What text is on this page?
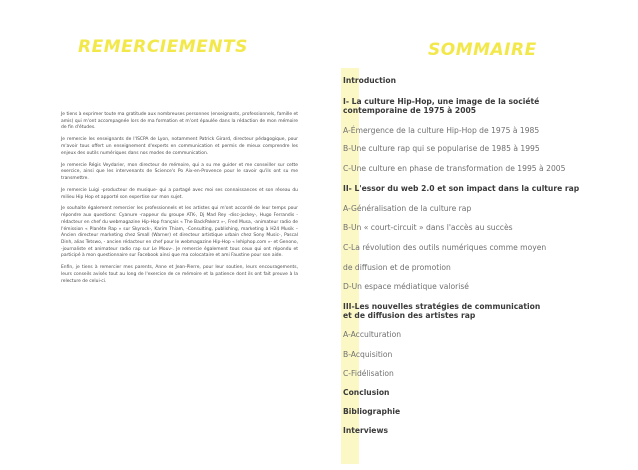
REMERCIEMENTS

Je tiens à exprimer toute ma gratitude aux nombreuses personnes (enseignants, professionnels, famille et amis) qui m'ont accompagnée lors de ma formation et m'ont épaulée dans la rédaction de mon mémoire de fin d'études.

Je remercie les enseignants de l'ISCPA de Lyon, notamment Patrick Girard, directeur pédagogique, pour m'avoir tous offert un enseignement d'experts en communication et permis de mieux comprendre les enjeux des outils numériques dans nos modes de communication.

Je remercie Régis Veydarier, mon directeur de mémoire, qui a su me guider et me conseiller sur cette exercice, ainsi que les intervenants de Science's Po Aix-en-Provence pour le savoir qu'ils ont su me transmettre.

Je remercie Luigi -producteur de musique- qui a partagé avec moi ses connaissances et son réseau du milieu Hip Hop et apporté son expertise sur mon sujet.

Je souhaite également remercier les professionnels et les artistes qui m'ont accordé de leur temps pour répondre aux questions: Cyanure -rappeur du groupe ATK-, Dj Mad Rey -disc-jockey-, Hugo Ferrandis -rédacteur en chef du webmagazine Hip-Hop français « The BackPakerz »-, Fred Musa, -animateur radio de l'émission « Planète Rap » sur Skyrock-, Karim Thiam, -Consulting, publishing, marketing à H24 Musik – Ancien directeur marketing chez Small (Warner) et directeur artistique urbain chez Sony Music-, Pascal Dinh, alias Tetswo, - ancien rédacteur en chef pour le webmagazine Hip-Hop « lehiphop.com »- et Genono, -journaliste et animateur radio rap sur Le Mouv-. Je remercie également tous ceux qui ont répondu et participé à mon questionnaire sur Facebook ainsi que ma colocataire et ami Faustine pour son aide.

Enfin, je tiens à remercier mes parents, Anne et Jean-Pierre, pour leur soutien, leurs encouragements, leurs conseils avisés tout au long de l'exercice de ce mémoire et la patience dont ils ont fait preuve à la relecture de celui-ci.

SOMMAIRE
Introduction
I- La culture Hip-Hop, une image de la société
contemporaine de 1975 à 2005
A-Émergence de la culture Hip-Hop de 1975 à 1985
B-Une culture rap qui se popularise de 1985 à 1995
C-Une culture en phase de transformation de 1995 à 2005
II- L'essor du web 2.0 et son impact dans la culture rap
A-Généralisation de la culture rap
B-Un « court-circuit » dans l'accès au succès
C-La révolution des outils numériques comme moyen
de diffusion et de promotion
D-Un espace médiatique valorisé
III-Les nouvelles stratégies de communication
et de diffusion des artistes rap
A-Acculturation
B-Acquisition
C-Fidélisation
Conclusion
Bibliographie
Interviews
